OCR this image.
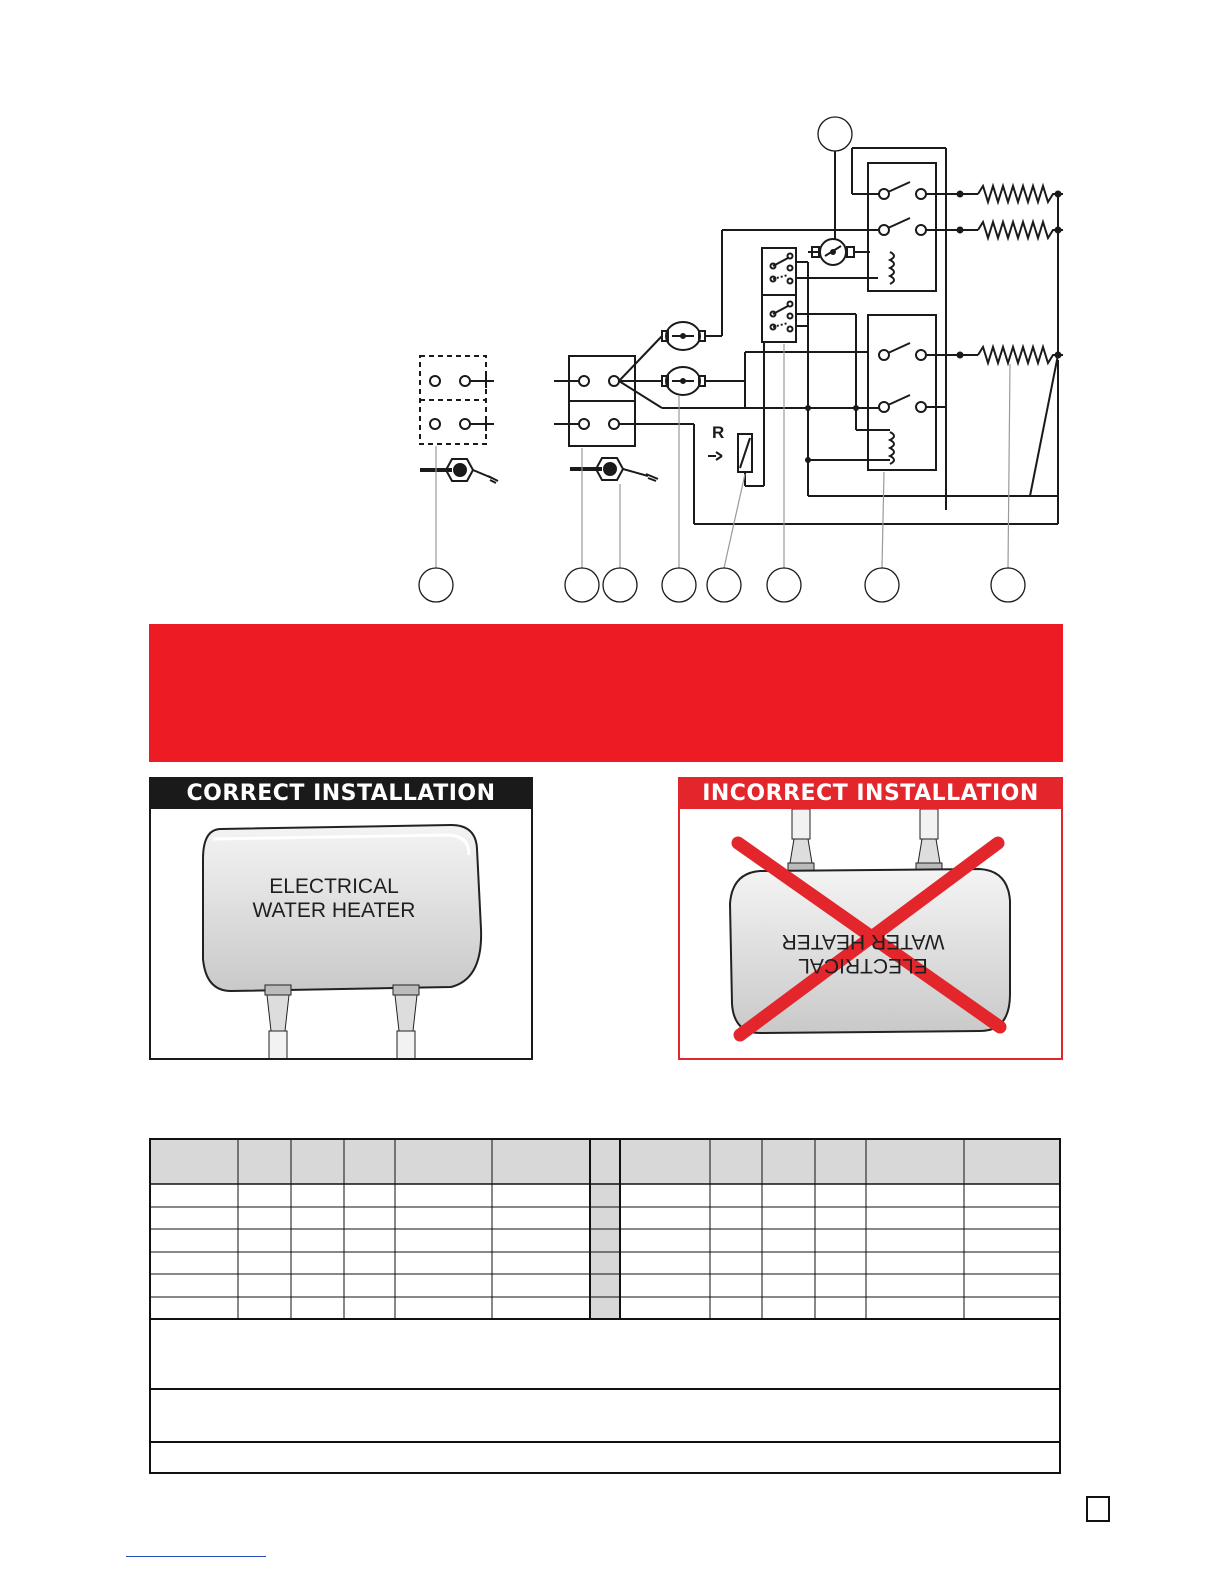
R
CORRECT INSTALLATION
ELECTRICAL
WATER HEATER
INCORRECT INSTALLATION
ELECTRICAL
WATER HEATER
